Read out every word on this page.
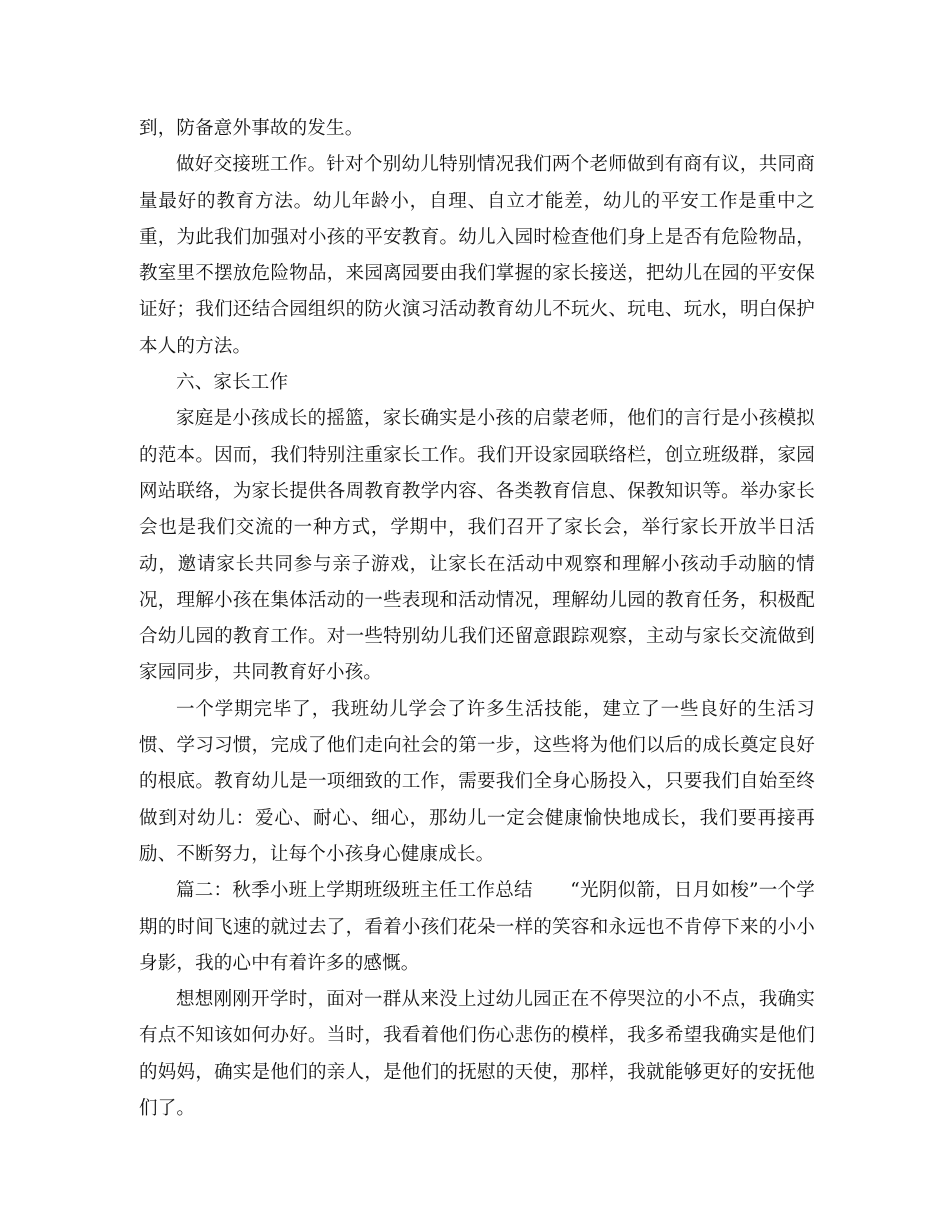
到，防备意外事故的发生。

做好交接班工作。针对个别幼儿特别情况我们两个老师做到有商有议，共同商量最好的教育方法。幼儿年龄小，自理、自立才能差，幼儿的平安工作是重中之重，为此我们加强对小孩的平安教育。幼儿入园时检查他们身上是否有危险物品，教室里不摆放危险物品，来园离园要由我们掌握的家长接送，把幼儿在园的平安保证好；我们还结合园组织的防火演习活动教育幼儿不玩火、玩电、玩水，明白保护本人的方法。

六、家长工作

家庭是小孩成长的摇篮，家长确实是小孩的启蒙老师，他们的言行是小孩模拟的范本。因而，我们特别注重家长工作。我们开设家园联络栏，创立班级群，家园网站联络，为家长提供各周教育教学内容、各类教育信息、保教知识等。举办家长会也是我们交流的一种方式，学期中，我们召开了家长会，举行家长开放半日活动，邀请家长共同参与亲子游戏，让家长在活动中观察和理解小孩动手动脑的情况，理解小孩在集体活动的一些表现和活动情况，理解幼儿园的教育任务，积极配合幼儿园的教育工作。对一些特别幼儿我们还留意跟踪观察，主动与家长交流做到家园同步，共同教育好小孩。

一个学期完毕了，我班幼儿学会了许多生活技能，建立了一些良好的生活习惯、学习习惯，完成了他们走向社会的第一步，这些将为他们以后的成长奠定良好的根底。教育幼儿是一项细致的工作，需要我们全身心肠投入，只要我们自始至终做到对幼儿：爱心、耐心、细心，那幼儿一定会健康愉快地成长，我们要再接再励、不断努力，让每个小孩身心健康成长。

篇二：秋季小班上学期班级班主任工作总结　　“光阴似箭，日月如梭”一个学期的时间飞速的就过去了，看着小孩们花朵一样的笑容和永远也不肯停下来的小小身影，我的心中有着许多的感慨。

想想刚刚开学时，面对一群从来没上过幼儿园正在不停哭泣的小不点，我确实有点不知该如何办好。当时，我看着他们伤心悲伤的模样，我多希望我确实是他们的妈妈，确实是他们的亲人，是他们的抚慰的天使，那样，我就能够更好的安抚他们了。
